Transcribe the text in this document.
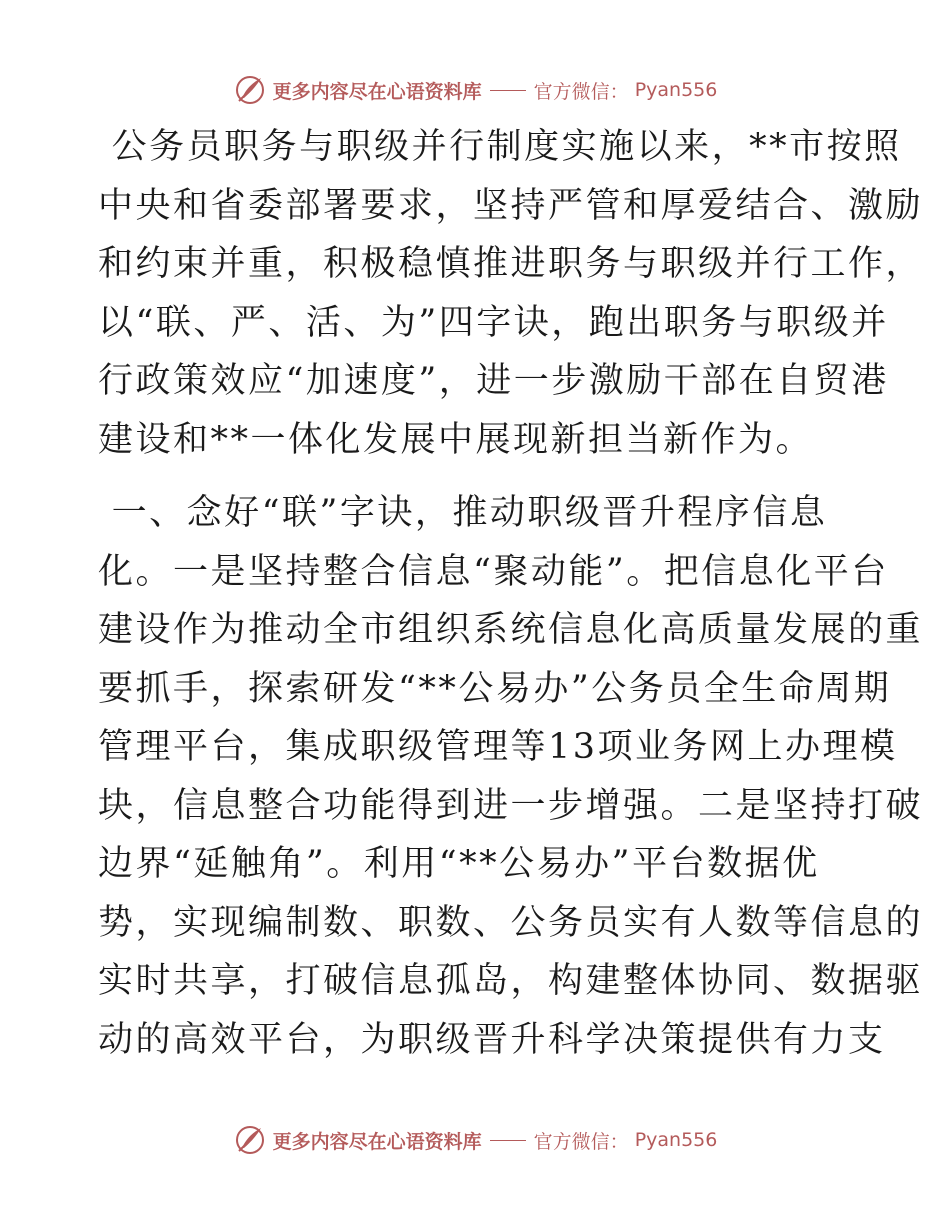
更多内容尽在心语资料库	官方微信： Pyan556
公务员职务与职级并行制度实施以来，**市按照
中央和省委部署要求，坚持严管和厚爱结合、激励
和约束并重，积极稳慎推进职务与职级并行工作，
以“联、严、活、为”四字诀，跑出职务与职级并
行政策效应“加速度”，进一步激励干部在自贸港
建设和**一体化发展中展现新担当新作为。
一、念好“联”字诀，推动职级晋升程序信息
化。一是坚持整合信息“聚动能”。把信息化平台
建设作为推动全市组织系统信息化高质量发展的重
要抓手，探索研发“**公易办”公务员全生命周期
管理平台，集成职级管理等13项业务网上办理模
块，信息整合功能得到进一步增强。二是坚持打破
边界“延触角”。利用“**公易办”平台数据优
势，实现编制数、职数、公务员实有人数等信息的
实时共享，打破信息孤岛，构建整体协同、数据驱
动的高效平台，为职级晋升科学决策提供有力支
更多内容尽在心语资料库	官方微信： Pyan556
